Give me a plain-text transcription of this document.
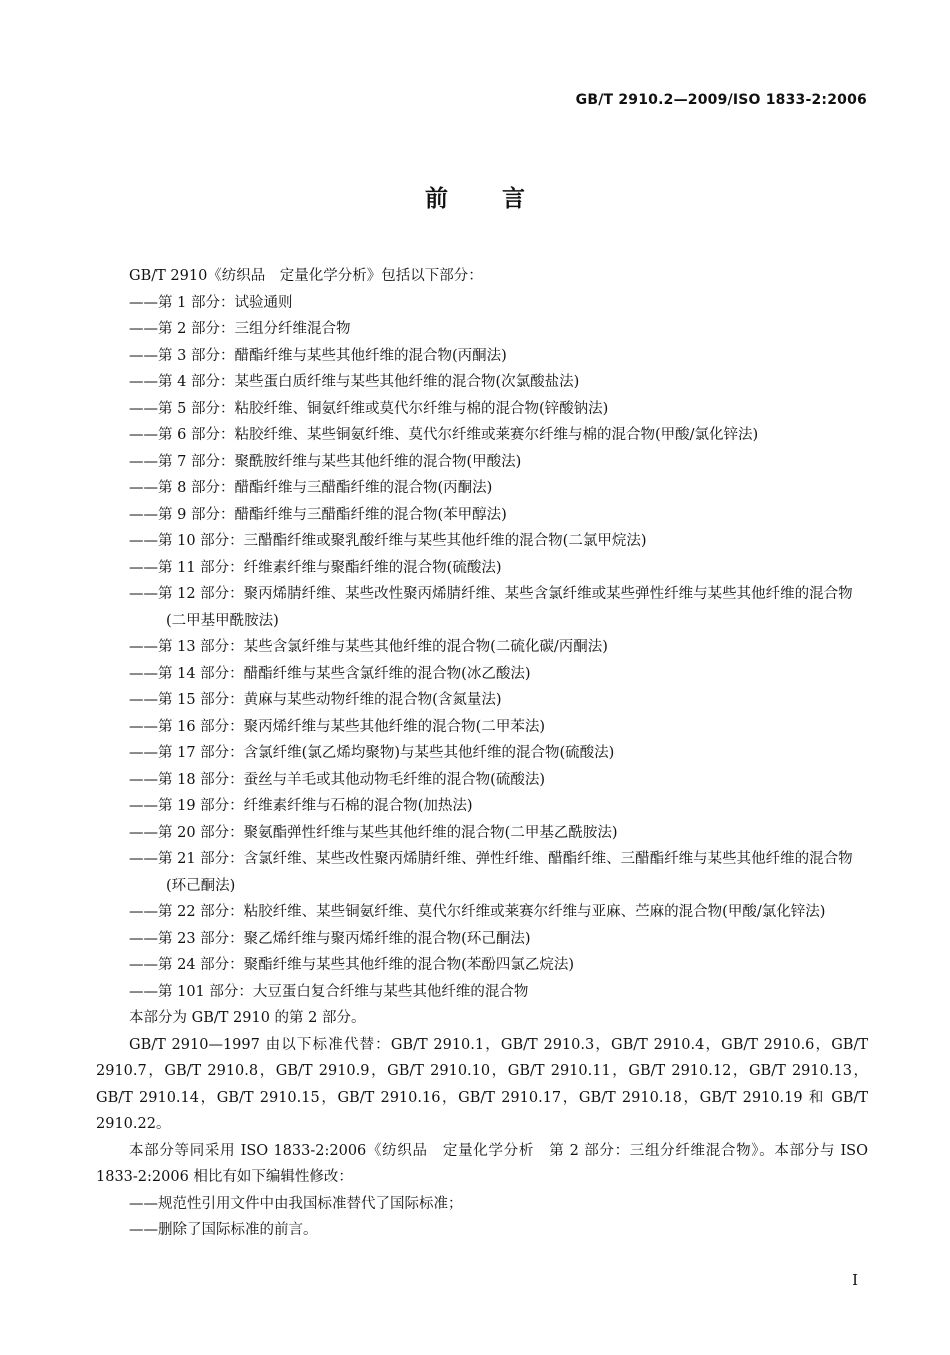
GB/T 2910.2—2009/ISO 1833-2:2006
前言

GB/T 2910《纺织品　定量化学分析》包括以下部分：

——第 1 部分：试验通则
——第 2 部分：三组分纤维混合物
——第 3 部分：醋酯纤维与某些其他纤维的混合物(丙酮法)
——第 4 部分：某些蛋白质纤维与某些其他纤维的混合物(次氯酸盐法)
——第 5 部分：粘胶纤维、铜氨纤维或莫代尔纤维与棉的混合物(锌酸钠法)
——第 6 部分：粘胶纤维、某些铜氨纤维、莫代尔纤维或莱赛尔纤维与棉的混合物(甲酸/氯化锌法)
——第 7 部分：聚酰胺纤维与某些其他纤维的混合物(甲酸法)
——第 8 部分：醋酯纤维与三醋酯纤维的混合物(丙酮法)
——第 9 部分：醋酯纤维与三醋酯纤维的混合物(苯甲醇法)
——第 10 部分：三醋酯纤维或聚乳酸纤维与某些其他纤维的混合物(二氯甲烷法)
——第 11 部分：纤维素纤维与聚酯纤维的混合物(硫酸法)
——第 12 部分：聚丙烯腈纤维、某些改性聚丙烯腈纤维、某些含氯纤维或某些弹性纤维与某些其他纤维的混合物(二甲基甲酰胺法)
——第 13 部分：某些含氯纤维与某些其他纤维的混合物(二硫化碳/丙酮法)
——第 14 部分：醋酯纤维与某些含氯纤维的混合物(冰乙酸法)
——第 15 部分：黄麻与某些动物纤维的混合物(含氮量法)
——第 16 部分：聚丙烯纤维与某些其他纤维的混合物(二甲苯法)
——第 17 部分：含氯纤维(氯乙烯均聚物)与某些其他纤维的混合物(硫酸法)
——第 18 部分：蚕丝与羊毛或其他动物毛纤维的混合物(硫酸法)
——第 19 部分：纤维素纤维与石棉的混合物(加热法)
——第 20 部分：聚氨酯弹性纤维与某些其他纤维的混合物(二甲基乙酰胺法)
——第 21 部分：含氯纤维、某些改性聚丙烯腈纤维、弹性纤维、醋酯纤维、三醋酯纤维与某些其他纤维的混合物(环己酮法)
——第 22 部分：粘胶纤维、某些铜氨纤维、莫代尔纤维或莱赛尔纤维与亚麻、苎麻的混合物(甲酸/氯化锌法)
——第 23 部分：聚乙烯纤维与聚丙烯纤维的混合物(环己酮法)
——第 24 部分：聚酯纤维与某些其他纤维的混合物(苯酚四氯乙烷法)
——第 101 部分：大豆蛋白复合纤维与某些其他纤维的混合物

本部分为 GB/T 2910 的第 2 部分。

GB/T 2910—1997 由以下标准代替：GB/T 2910.1，GB/T 2910.3，GB/T 2910.4，GB/T 2910.6，GB/T 2910.7，GB/T 2910.8，GB/T 2910.9，GB/T 2910.10，GB/T 2910.11，GB/T 2910.12，GB/T 2910.13，GB/T 2910.14，GB/T 2910.15，GB/T 2910.16，GB/T 2910.17，GB/T 2910.18，GB/T 2910.19 和 GB/T 2910.22。

本部分等同采用 ISO 1833-2:2006《纺织品　定量化学分析　第 2 部分：三组分纤维混合物》。本部分与 ISO 1833-2:2006 相比有如下编辑性修改：

——规范性引用文件中由我国标准替代了国际标准；
——删除了国际标准的前言。
I
